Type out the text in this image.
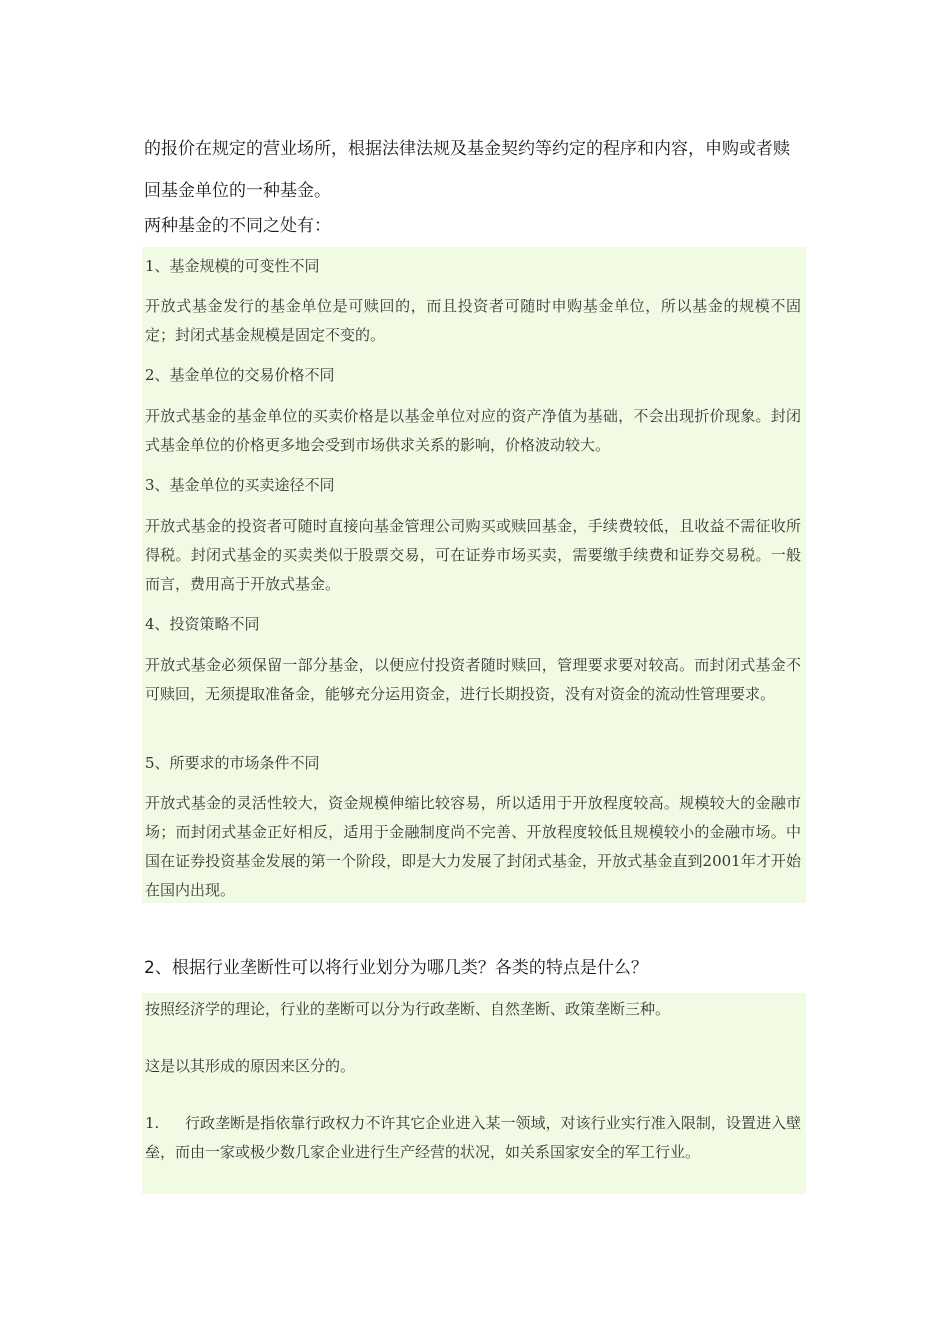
的报价在规定的营业场所，根据法律法规及基金契约等约定的程序和内容，申购或者赎回基金单位的一种基金。

两种基金的不同之处有：

1、基金规模的可变性不同

开放式基金发行的基金单位是可赎回的，而且投资者可随时申购基金单位，所以基金的规模不固定；封闭式基金规模是固定不变的。

2、基金单位的交易价格不同

开放式基金的基金单位的买卖价格是以基金单位对应的资产净值为基础，不会出现折价现象。封闭式基金单位的价格更多地会受到市场供求关系的影响，价格波动较大。

3、基金单位的买卖途径不同

开放式基金的投资者可随时直接向基金管理公司购买或赎回基金，手续费较低，且收益不需征收所得税。封闭式基金的买卖类似于股票交易，可在证券市场买卖，需要缴手续费和证券交易税。一般而言，费用高于开放式基金。

4、投资策略不同

开放式基金必须保留一部分基金，以便应付投资者随时赎回，管理要求要对较高。而封闭式基金不可赎回，无须提取准备金，能够充分运用资金，进行长期投资，没有对资金的流动性管理要求。

5、所要求的市场条件不同

开放式基金的灵活性较大，资金规模伸缩比较容易，所以适用于开放程度较高。规模较大的金融市场；而封闭式基金正好相反，适用于金融制度尚不完善、开放程度较低且规模较小的金融市场。中国在证券投资基金发展的第一个阶段，即是大力发展了封闭式基金，开放式基金直到2001年才开始在国内出现。

2、根据行业垄断性可以将行业划分为哪几类？各类的特点是什么？

按照经济学的理论，行业的垄断可以分为行政垄断、自然垄断、政策垄断三种。

这是以其形成的原因来区分的。

1. 行政垄断是指依靠行政权力不许其它企业进入某一领域，对该行业实行准入限制，设置进入壁垒，而由一家或极少数几家企业进行生产经营的状况，如关系国家安全的军工行业。
